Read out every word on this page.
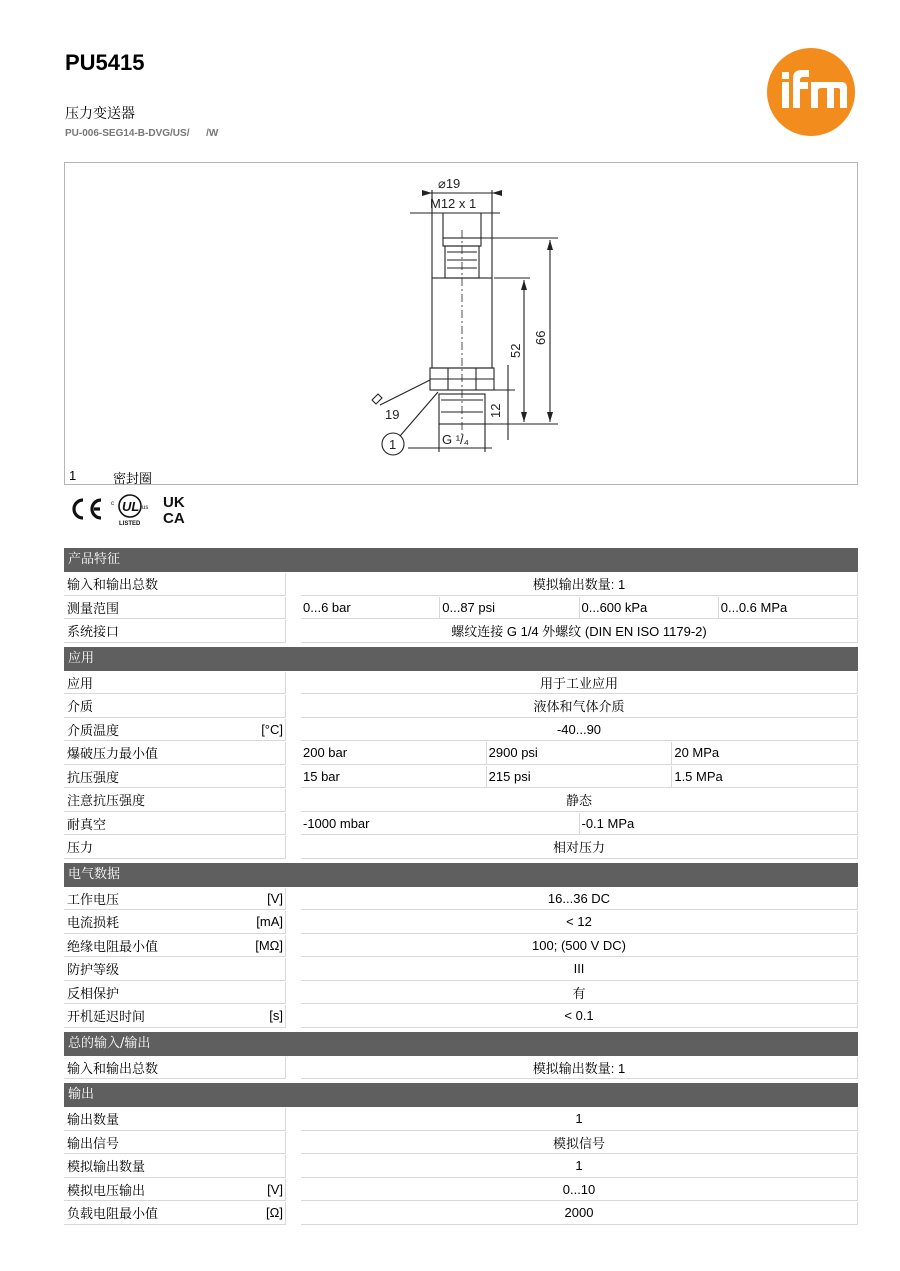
PU5415
压力变送器
PU-006-SEG14-B-DVG/US/      /W
⌀19
M12 x 1
19
G ¹/₄
1
66
52
12
1	密封圈
UL
c
us
LISTED
UK
CA
产品特征
输入和输出总数	模拟输出数量: 1
测量范围	0...6 bar	0...87 psi	0...600 kPa	0...0.6 MPa
系统接口	螺纹连接 G 1/4 外螺纹 (DIN EN ISO 1179-2)
应用
应用	用于工业应用
介质	液体和气体介质
介质温度	[°C]	-40...90
爆破压力最小值	200 bar	2900 psi	20 MPa
抗压强度	15 bar	215 psi	1.5 MPa
注意抗压强度	静态
耐真空	-1000 mbar	-0.1 MPa
压力	相对压力
电气数据
工作电压	[V]	16...36 DC
电流损耗	[mA]	< 12
绝缘电阻最小值	[MΩ]	100; (500 V DC)
防护等级	III
反相保护	有
开机延迟时间	[s]	< 0.1
总的输入/输出
输入和输出总数	模拟输出数量: 1
输出
输出数量	1
输出信号	模拟信号
模拟输出数量	1
模拟电压输出	[V]	0...10
负载电阻最小值	[Ω]	2000
